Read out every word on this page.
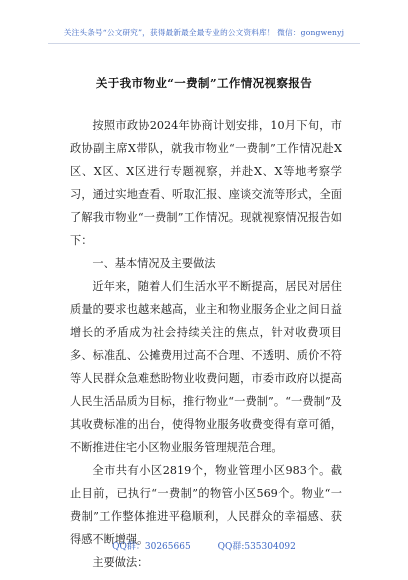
关注头条号“公文研究”，获得最新最全最专业的公文资料库！ 微信：gongwenyj
关于我市物业“一费制”工作情况视察报告

按照市政协2024年协商计划安排，10月下旬，市政协副主席X带队，就我市物业“一费制”工作情况赴X区、X区、X区进行专题视察，并赴X、X等地考察学习，通过实地查看、听取汇报、座谈交流等形式，全面了解我市物业“一费制”工作情况。现就视察情况报告如下：

一、基本情况及主要做法

近年来，随着人们生活水平不断提高，居民对居住质量的要求也越来越高，业主和物业服务企业之间日益增长的矛盾成为社会持续关注的焦点，针对收费项目多、标准乱、公摊费用过高不合理、不透明、质价不符等人民群众急难愁盼物业收费问题，市委市政府以提高人民生活品质为目标，推行物业“一费制”。“一费制”及其收费标准的出台，使得物业服务收费变得有章可循，不断推进住宅小区物业服务管理规范合理。

全市共有小区2819个，物业管理小区983个。截止目前，已执行“一费制”的物管小区569个。物业“一费制”工作整体推进平稳顺利，人民群众的幸福感、获得感不断增强。

主要做法：

QQ群：30265665	QQ群:535304092
